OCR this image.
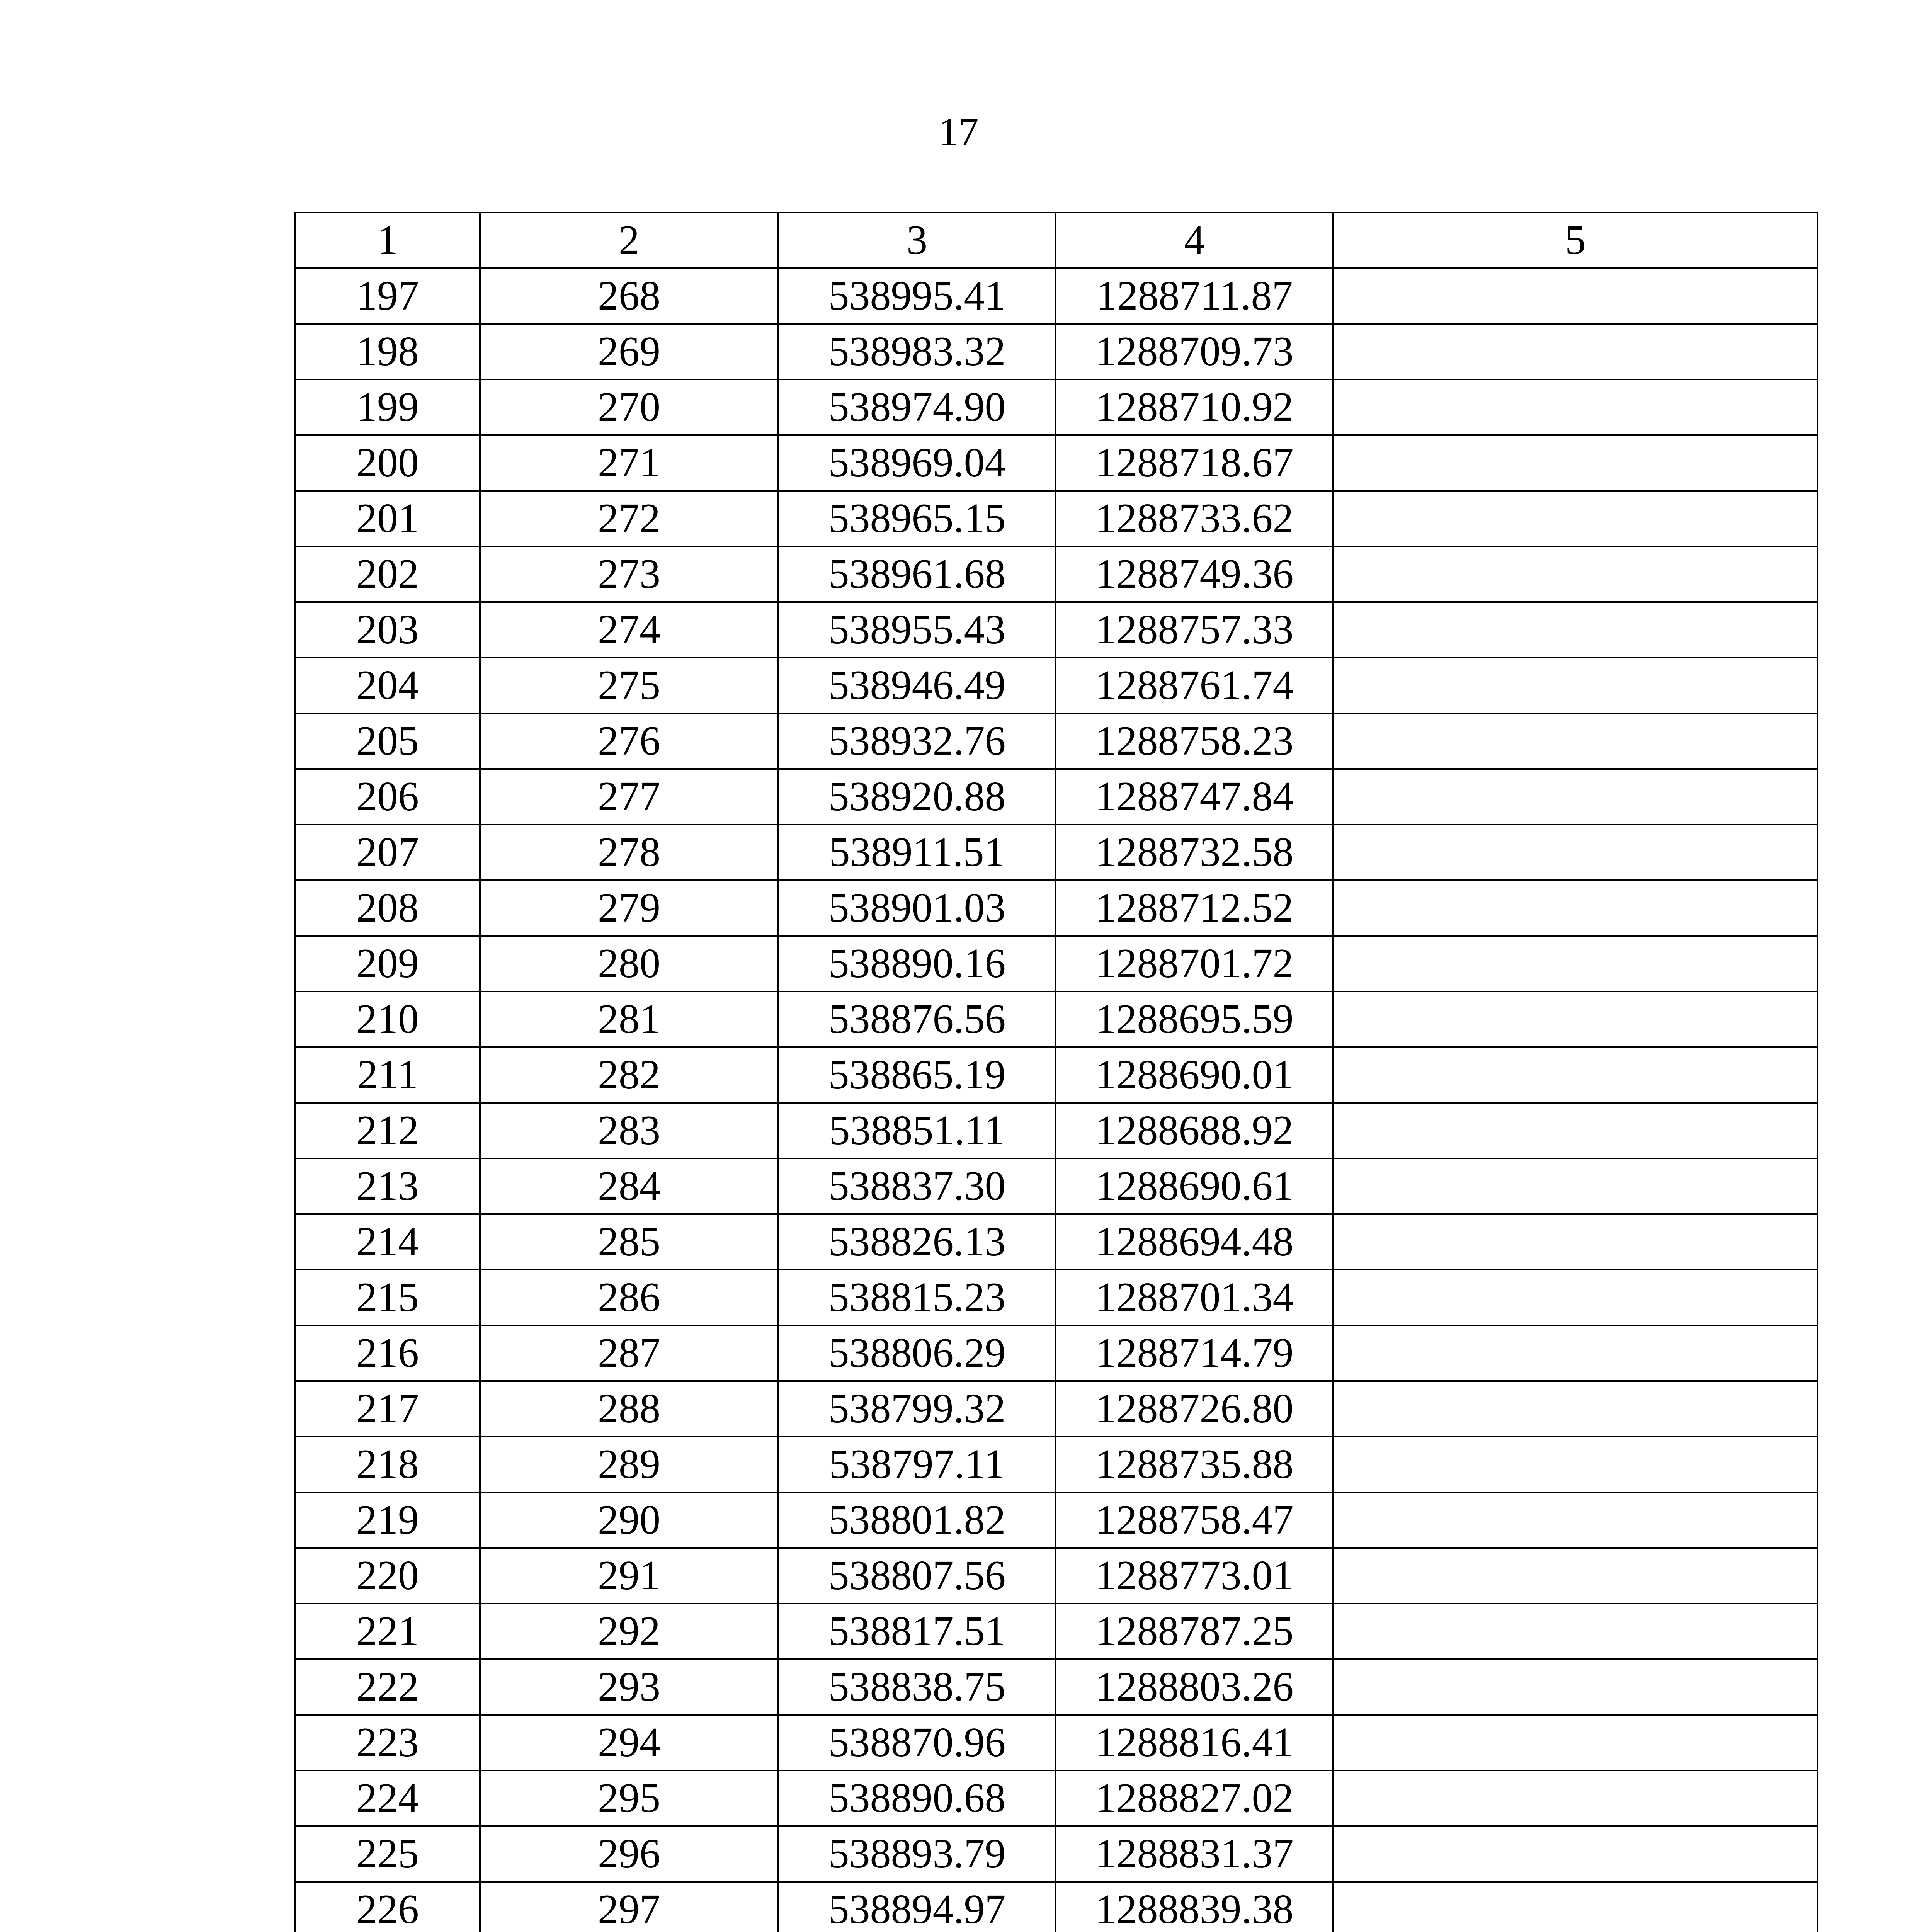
17
1	2	3	4	5
197	268	538995.41	1288711.87	
198	269	538983.32	1288709.73	
199	270	538974.90	1288710.92	
200	271	538969.04	1288718.67	
201	272	538965.15	1288733.62	
202	273	538961.68	1288749.36	
203	274	538955.43	1288757.33	
204	275	538946.49	1288761.74	
205	276	538932.76	1288758.23	
206	277	538920.88	1288747.84	
207	278	538911.51	1288732.58	
208	279	538901.03	1288712.52	
209	280	538890.16	1288701.72	
210	281	538876.56	1288695.59	
211	282	538865.19	1288690.01	
212	283	538851.11	1288688.92	
213	284	538837.30	1288690.61	
214	285	538826.13	1288694.48	
215	286	538815.23	1288701.34	
216	287	538806.29	1288714.79	
217	288	538799.32	1288726.80	
218	289	538797.11	1288735.88	
219	290	538801.82	1288758.47	
220	291	538807.56	1288773.01	
221	292	538817.51	1288787.25	
222	293	538838.75	1288803.26	
223	294	538870.96	1288816.41	
224	295	538890.68	1288827.02	
225	296	538893.79	1288831.37	
226	297	538894.97	1288839.38	
